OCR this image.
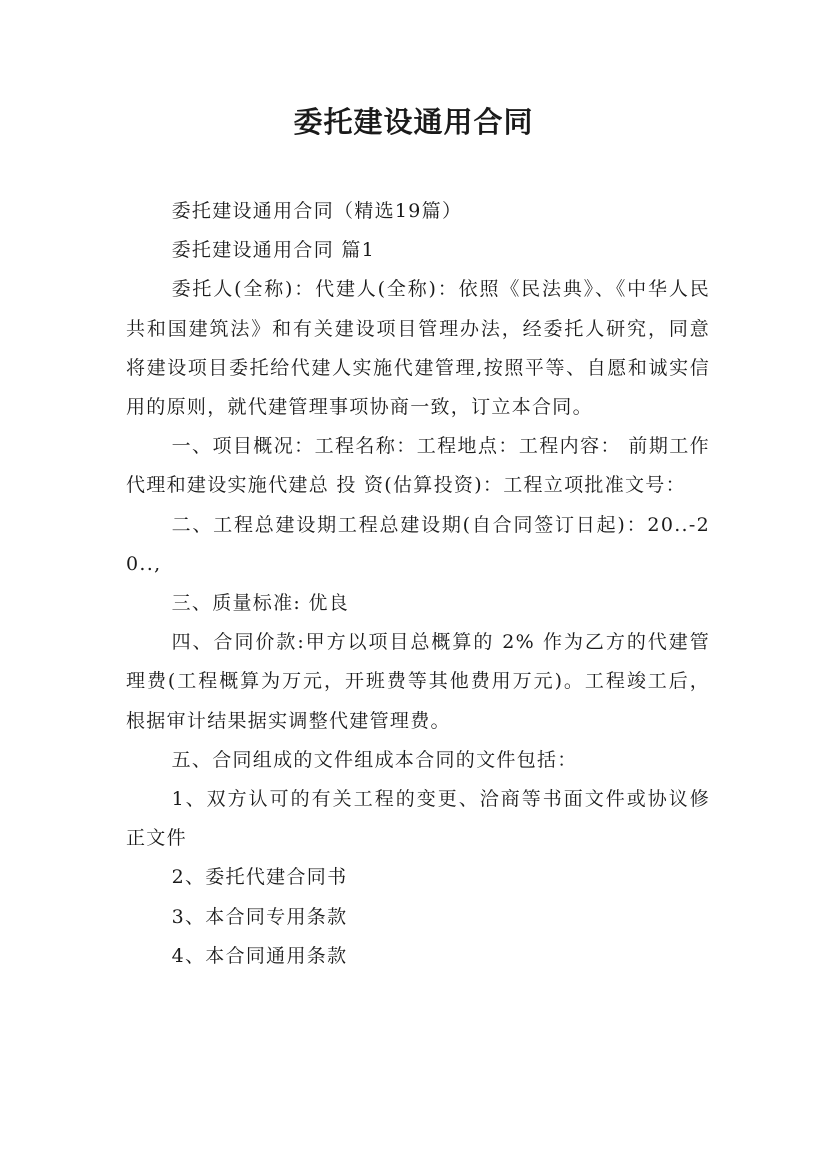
委托建设通用合同

委托建设通用合同（精选19篇）

委托建设通用合同 篇1

委托人(全称)：代建人(全称)：依照《民法典》、《中华人民共和国建筑法》和有关建设项目管理办法，经委托人研究，同意将建设项目委托给代建人实施代建管理,按照平等、自愿和诚实信用的原则，就代建管理事项协商一致，订立本合同。

一、项目概况：工程名称：工程地点：工程内容： 前期工作代理和建设实施代建总 投 资(估算投资)：工程立项批准文号：

二、工程总建设期工程总建设期(自合同签订日起)：20..-20..,

三、质量标准: 优良

四、合同价款:甲方以项目总概算的 2% 作为乙方的代建管理费(工程概算为万元，开班费等其他费用万元)。工程竣工后，根据审计结果据实调整代建管理费。

五、合同组成的文件组成本合同的文件包括：

1、双方认可的有关工程的变更、洽商等书面文件或协议修正文件

2、委托代建合同书

3、本合同专用条款

4、本合同通用条款
